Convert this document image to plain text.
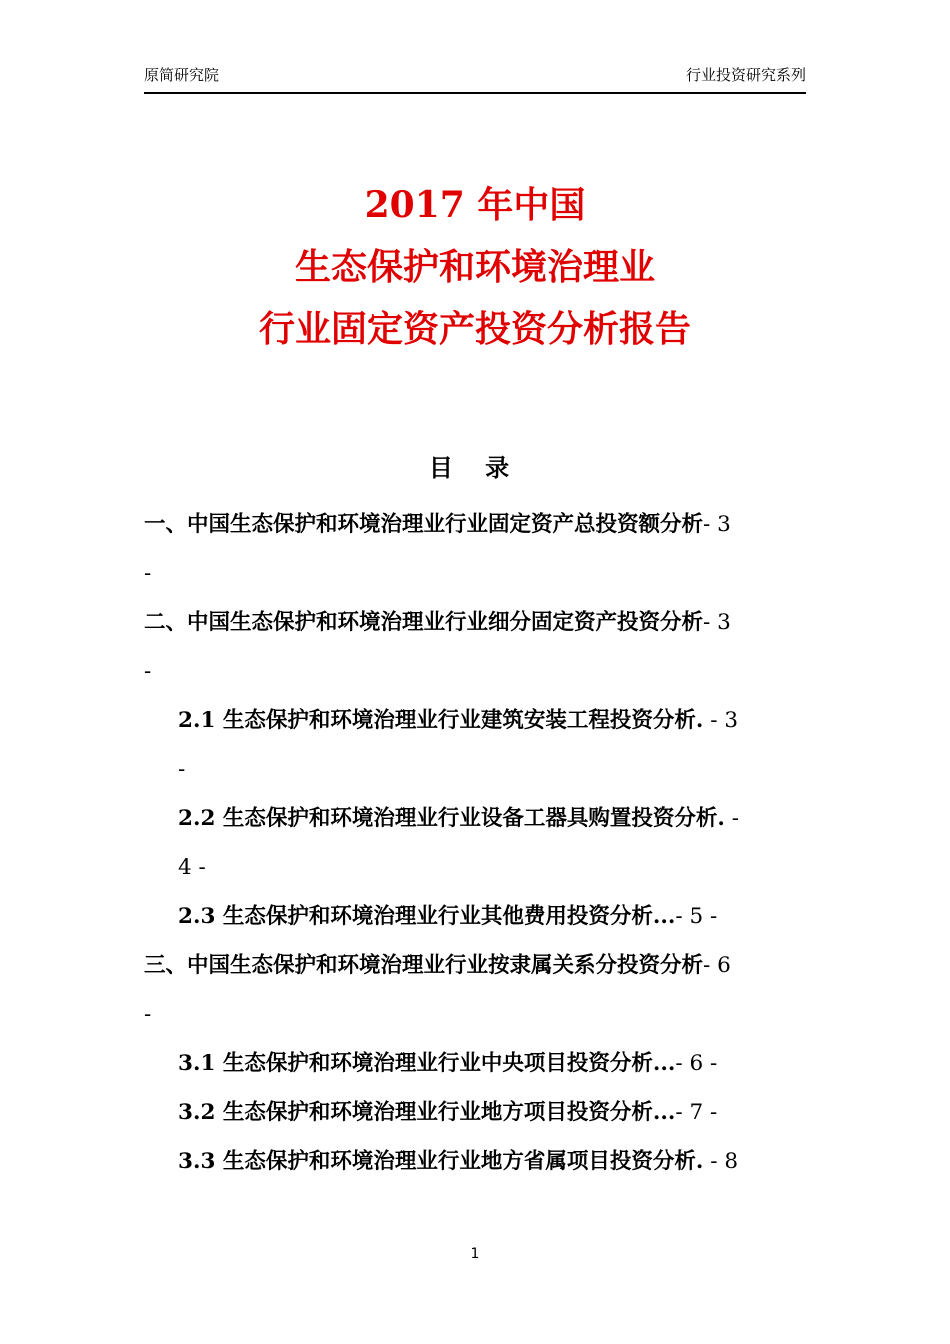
原简研究院	行业投资研究系列
2017 年中国
生态保护和环境治理业
行业固定资产投资分析报告
目 录
一、中国生态保护和环境治理业行业固定资产总投资额分析- 3
-
二、中国生态保护和环境治理业行业细分固定资产投资分析- 3
-
2.1 生态保护和环境治理业行业建筑安装工程投资分析. - 3
-
2.2 生态保护和环境治理业行业设备工器具购置投资分析. -
4 -
2.3 生态保护和环境治理业行业其他费用投资分析...- 5 -
三、中国生态保护和环境治理业行业按隶属关系分投资分析- 6
-
3.1 生态保护和环境治理业行业中央项目投资分析...- 6 -
3.2 生态保护和环境治理业行业地方项目投资分析...- 7 -
3.3 生态保护和环境治理业行业地方省属项目投资分析. - 8
1
